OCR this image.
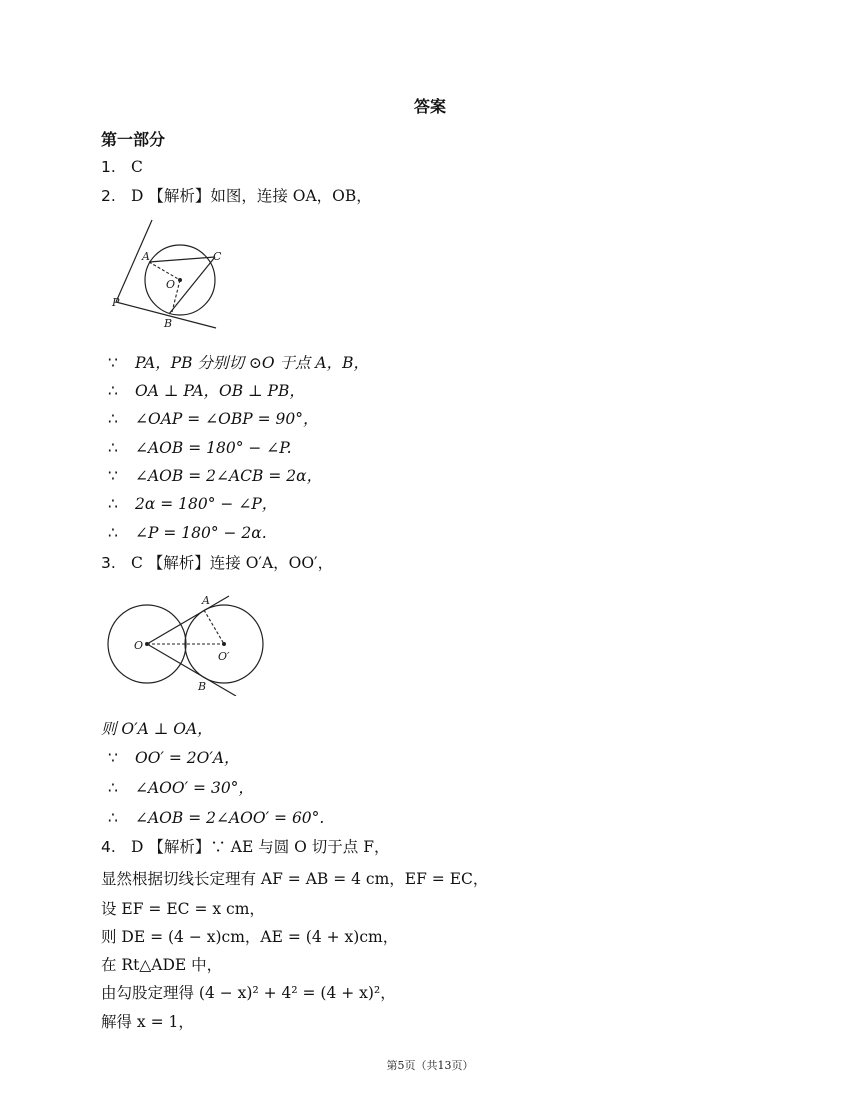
答案
第一部分
1. C
2. D 【解析】如图，连接 OA，OB，
A	C
O
P
B
∵ PA，PB 分别切 ⊙O 于点 A，B，
∴ OA ⊥ PA，OB ⊥ PB，
∴ ∠OAP = ∠OBP = 90°，
∴ ∠AOB = 180° − ∠P.
∵ ∠AOB = 2∠ACB = 2α，
∴ 2α = 180° − ∠P，
∴ ∠P = 180° − 2α.
3. C 【解析】连接 O′A，OO′，
A
O
O′
B
则 O′A ⊥ OA，
∵ OO′ = 2O′A，
∴ ∠AOO′ = 30°，
∴ ∠AOB = 2∠AOO′ = 60°.
4. D 【解析】∵ AE 与圆 O 切于点 F，
显然根据切线长定理有 AF = AB = 4 cm，EF = EC，
设 EF = EC = x cm，
则 DE = (4 − x)cm，AE = (4 + x)cm，
在 Rt△ADE 中，
由勾股定理得 (4 − x)² + 4² = (4 + x)²，
解得 x = 1，
第5页（共13页）
